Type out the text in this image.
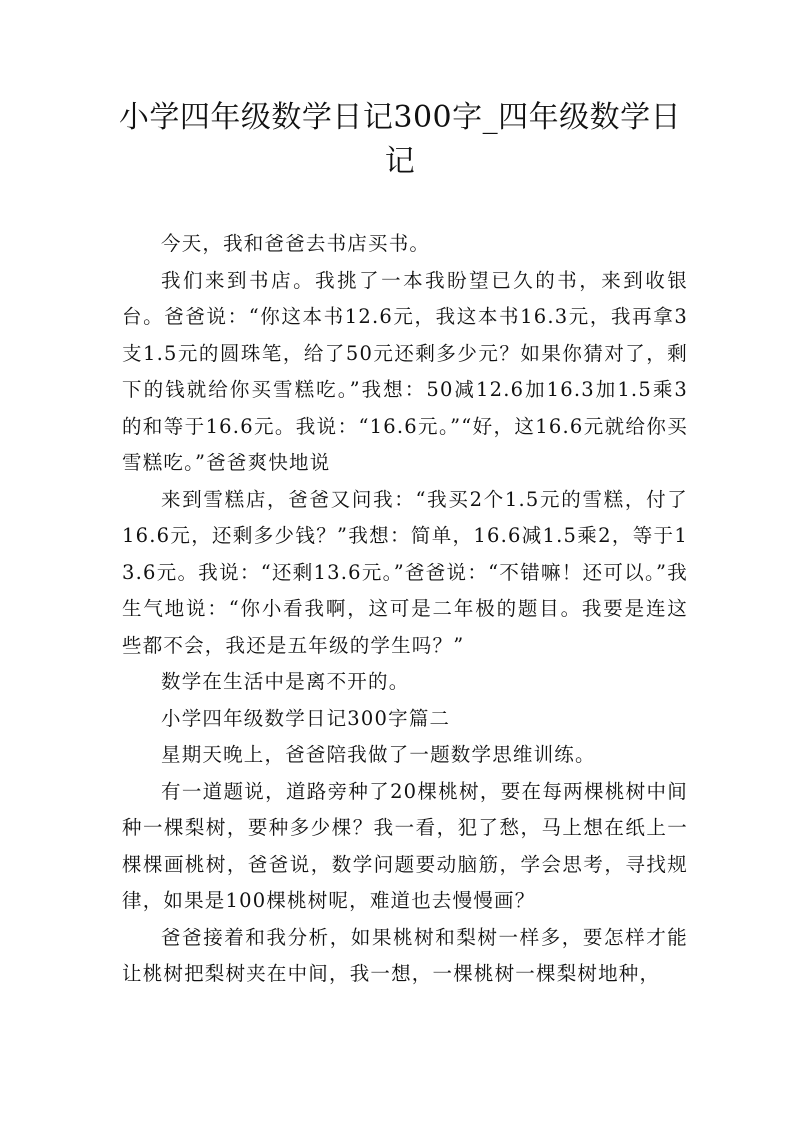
小学四年级数学日记300字_四年级数学日记

今天，我和爸爸去书店买书。

我们来到书店。我挑了一本我盼望已久的书，来到收银台。爸爸说：“你这本书12.6元，我这本书16.3元，我再拿3支1.5元的圆珠笔，给了50元还剩多少元？如果你猜对了，剩下的钱就给你买雪糕吃。”我想：50减12.6加16.3加1.5乘3的和等于16.6元。我说：“16.6元。”“好，这16.6元就给你买雪糕吃。”爸爸爽快地说

来到雪糕店，爸爸又问我：“我买2个1.5元的雪糕，付了16.6元，还剩多少钱？”我想：简单，16.6减1.5乘2，等于13.6元。我说：“还剩13.6元。”爸爸说：“不错嘛！还可以。”我生气地说：“你小看我啊，这可是二年极的题目。我要是连这些都不会，我还是五年级的学生吗？”

数学在生活中是离不开的。

小学四年级数学日记300字篇二

星期天晚上，爸爸陪我做了一题数学思维训练。

有一道题说，道路旁种了20棵桃树，要在每两棵桃树中间种一棵梨树，要种多少棵？我一看，犯了愁，马上想在纸上一棵棵画桃树，爸爸说，数学问题要动脑筋，学会思考，寻找规律，如果是100棵桃树呢，难道也去慢慢画？

爸爸接着和我分析，如果桃树和梨树一样多，要怎样才能让桃树把梨树夹在中间，我一想，一棵桃树一棵梨树地种，
